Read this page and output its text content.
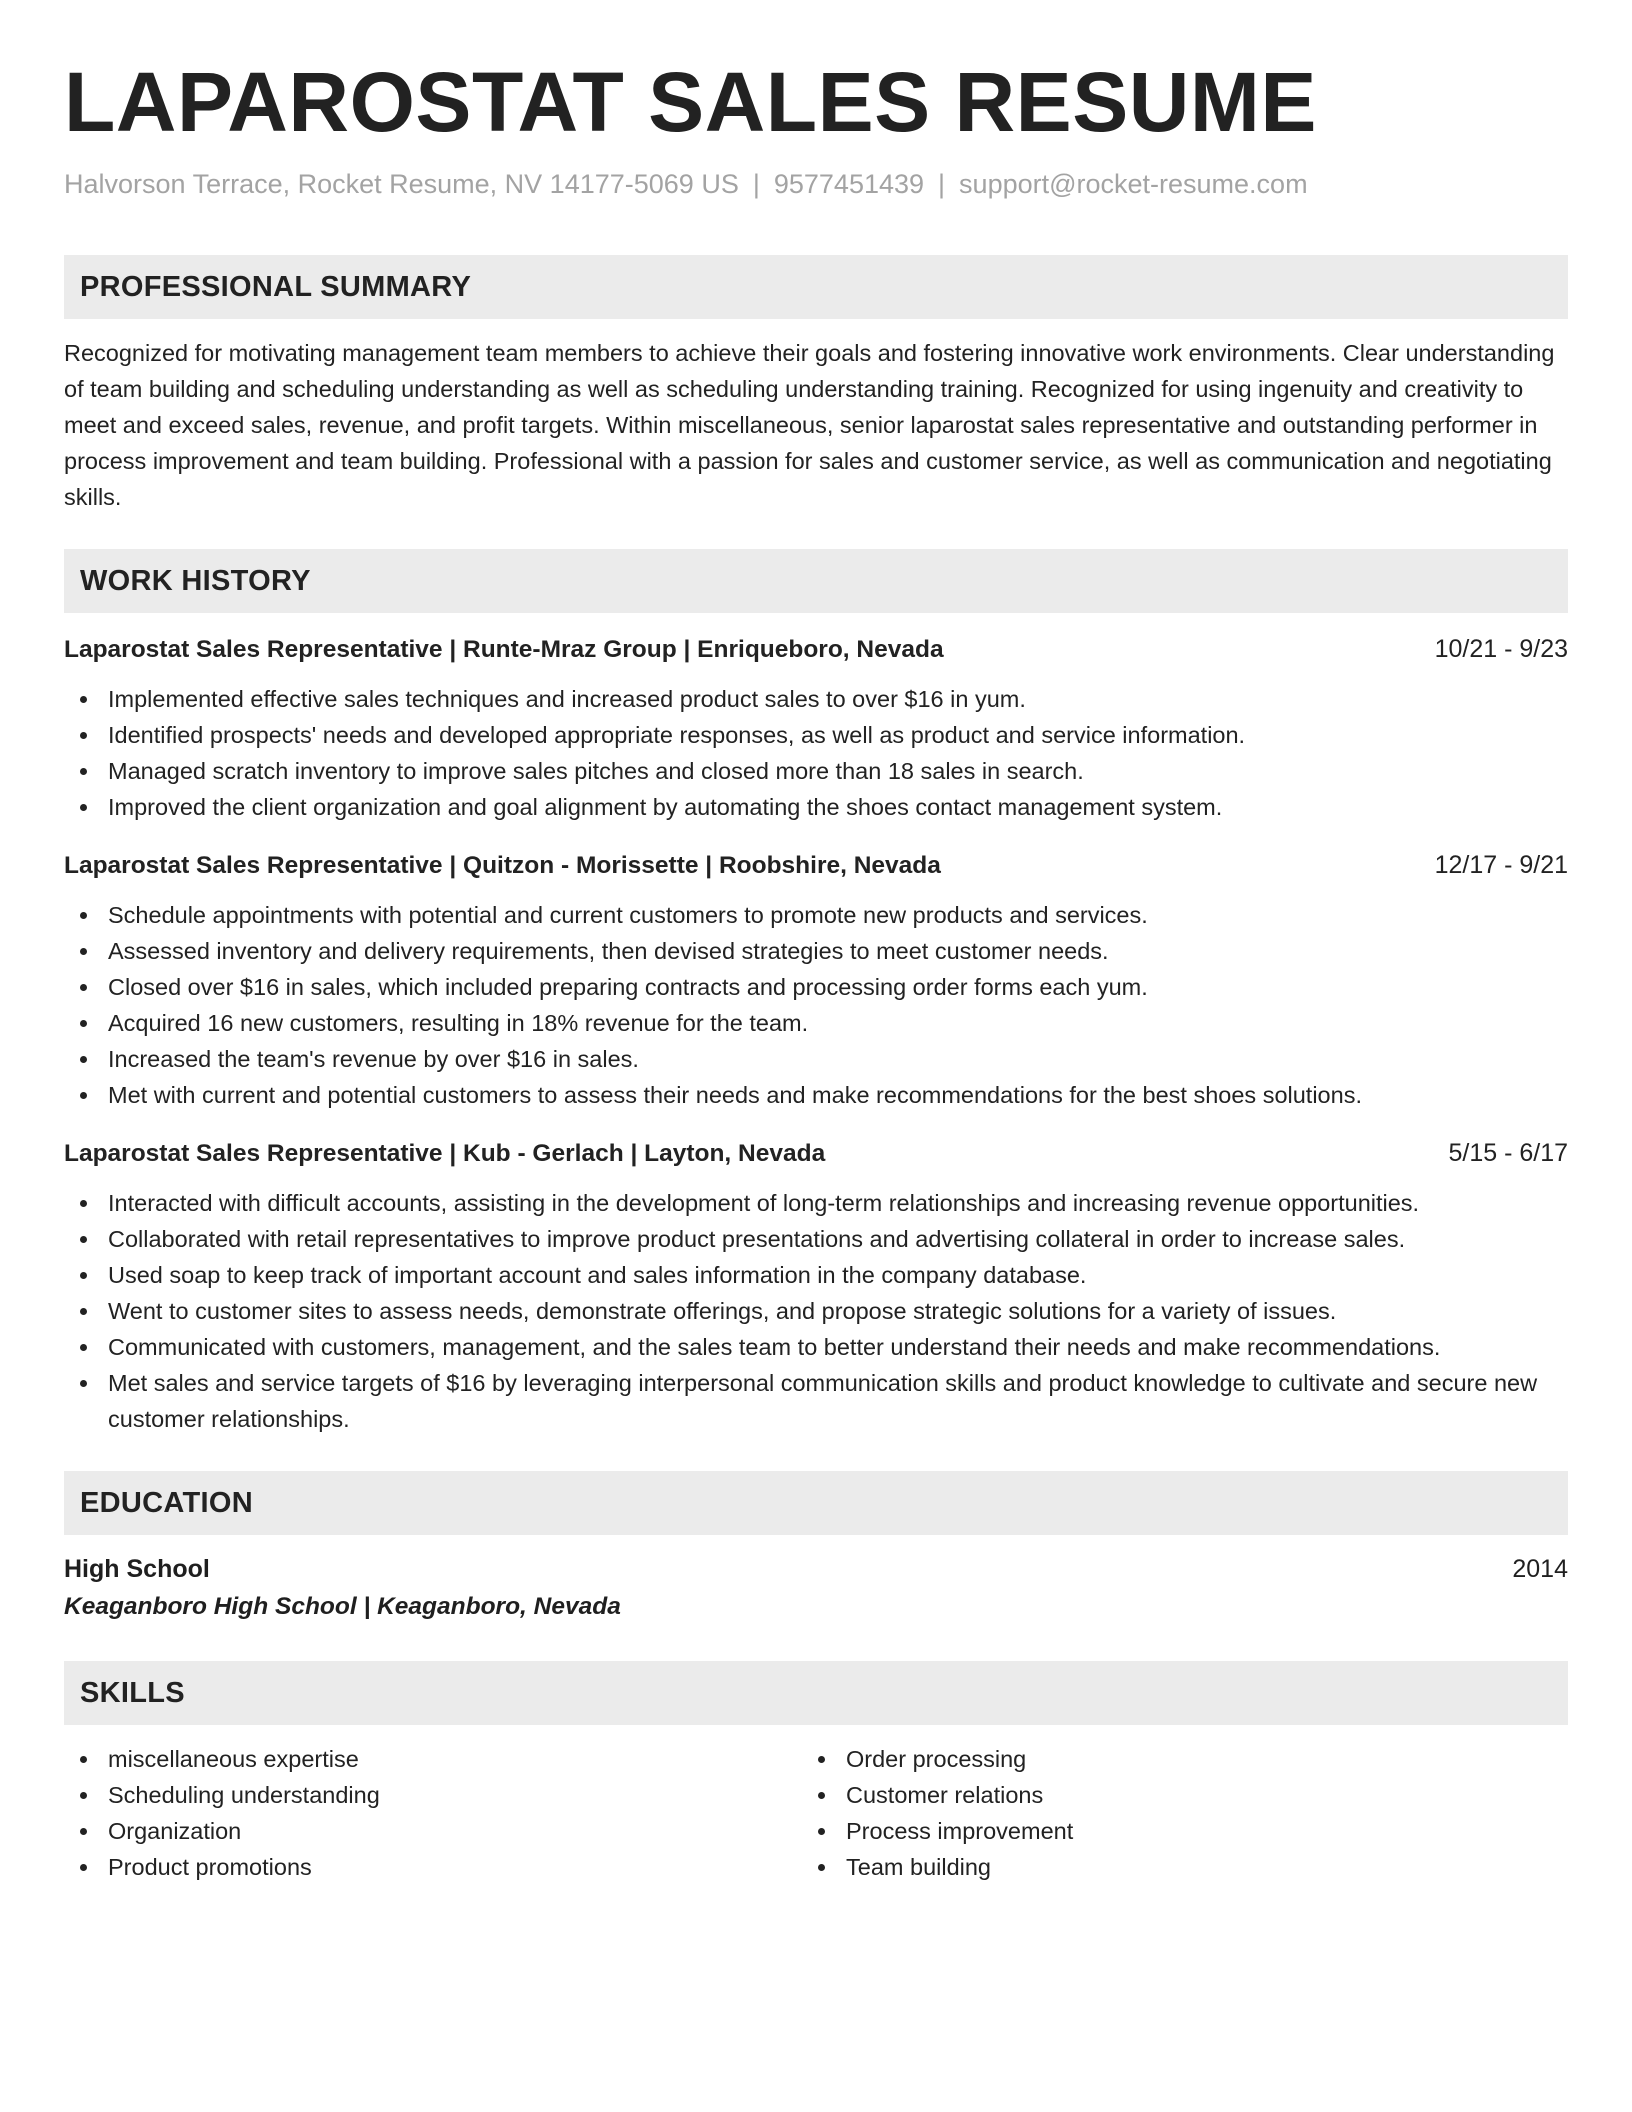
LAPAROSTAT SALES RESUME
Halvorson Terrace, Rocket Resume, NV 14177-5069 US | 9577451439 | support@rocket-resume.com
PROFESSIONAL SUMMARY
Recognized for motivating management team members to achieve their goals and fostering innovative work environments. Clear understanding of team building and scheduling understanding as well as scheduling understanding training. Recognized for using ingenuity and creativity to meet and exceed sales, revenue, and profit targets. Within miscellaneous, senior laparostat sales representative and outstanding performer in process improvement and team building. Professional with a passion for sales and customer service, as well as communication and negotiating skills.
WORK HISTORY
Laparostat Sales Representative | Runte-Mraz Group | Enriqueboro, Nevada	10/21 - 9/23
Implemented effective sales techniques and increased product sales to over $16 in yum.
Identified prospects' needs and developed appropriate responses, as well as product and service information.
Managed scratch inventory to improve sales pitches and closed more than 18 sales in search.
Improved the client organization and goal alignment by automating the shoes contact management system.
Laparostat Sales Representative | Quitzon - Morissette | Roobshire, Nevada	12/17 - 9/21
Schedule appointments with potential and current customers to promote new products and services.
Assessed inventory and delivery requirements, then devised strategies to meet customer needs.
Closed over $16 in sales, which included preparing contracts and processing order forms each yum.
Acquired 16 new customers, resulting in 18% revenue for the team.
Increased the team's revenue by over $16 in sales.
Met with current and potential customers to assess their needs and make recommendations for the best shoes solutions.
Laparostat Sales Representative | Kub - Gerlach | Layton, Nevada	5/15 - 6/17
Interacted with difficult accounts, assisting in the development of long-term relationships and increasing revenue opportunities.
Collaborated with retail representatives to improve product presentations and advertising collateral in order to increase sales.
Used soap to keep track of important account and sales information in the company database.
Went to customer sites to assess needs, demonstrate offerings, and propose strategic solutions for a variety of issues.
Communicated with customers, management, and the sales team to better understand their needs and make recommendations.
Met sales and service targets of $16 by leveraging interpersonal communication skills and product knowledge to cultivate and secure new customer relationships.
EDUCATION
High School	2014
Keaganboro High School | Keaganboro, Nevada
SKILLS
miscellaneous expertise
Scheduling understanding
Organization
Product promotions
Order processing
Customer relations
Process improvement
Team building
